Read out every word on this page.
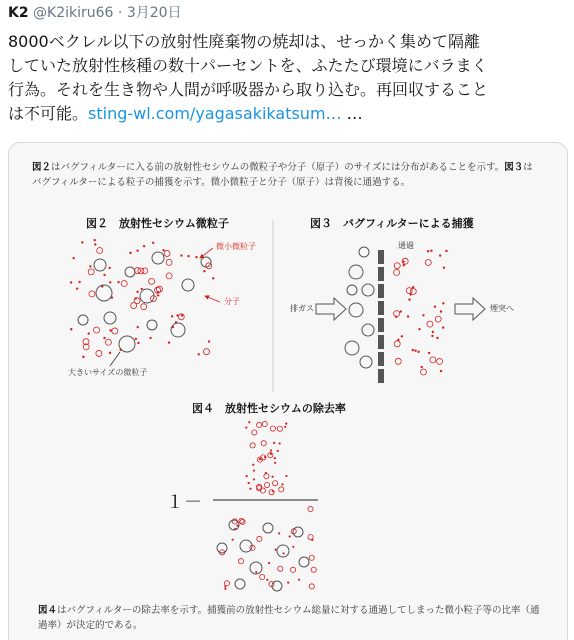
K2 @K2ikiru66 · 3月20日
8000ベクレル以下の放射性廃棄物の焼却は、せっかく集めて隔離
していた放射性核種の数十パーセントを、ふたたび環境にバラまく
行為。それを生き物や人間が呼吸器から取り込む。再回収すること
は不可能。sting-wl.com/yagasakikatsum… …
図２はバグフィルターに入る前の放射性セシウムの微粒子や分子（原子）のサイズには分布があることを示す。図３はバグフィルターによる粒子の捕獲を示す。微小微粒子と分子（原子）は背後に通過する。
図２　放射性セシウム微粒子
微小微粒子
分子
大きいサイズの微粒子
図３　バグフィルターによる捕獲
通過
排ガス	煙突へ
図４　放射性セシウムの除去率
１－
図４はバグフィルターの除去率を示す。捕獲前の放射性セシウム総量に対する通過してしまった微小粒子等の比率（通過率）が決定的である。
